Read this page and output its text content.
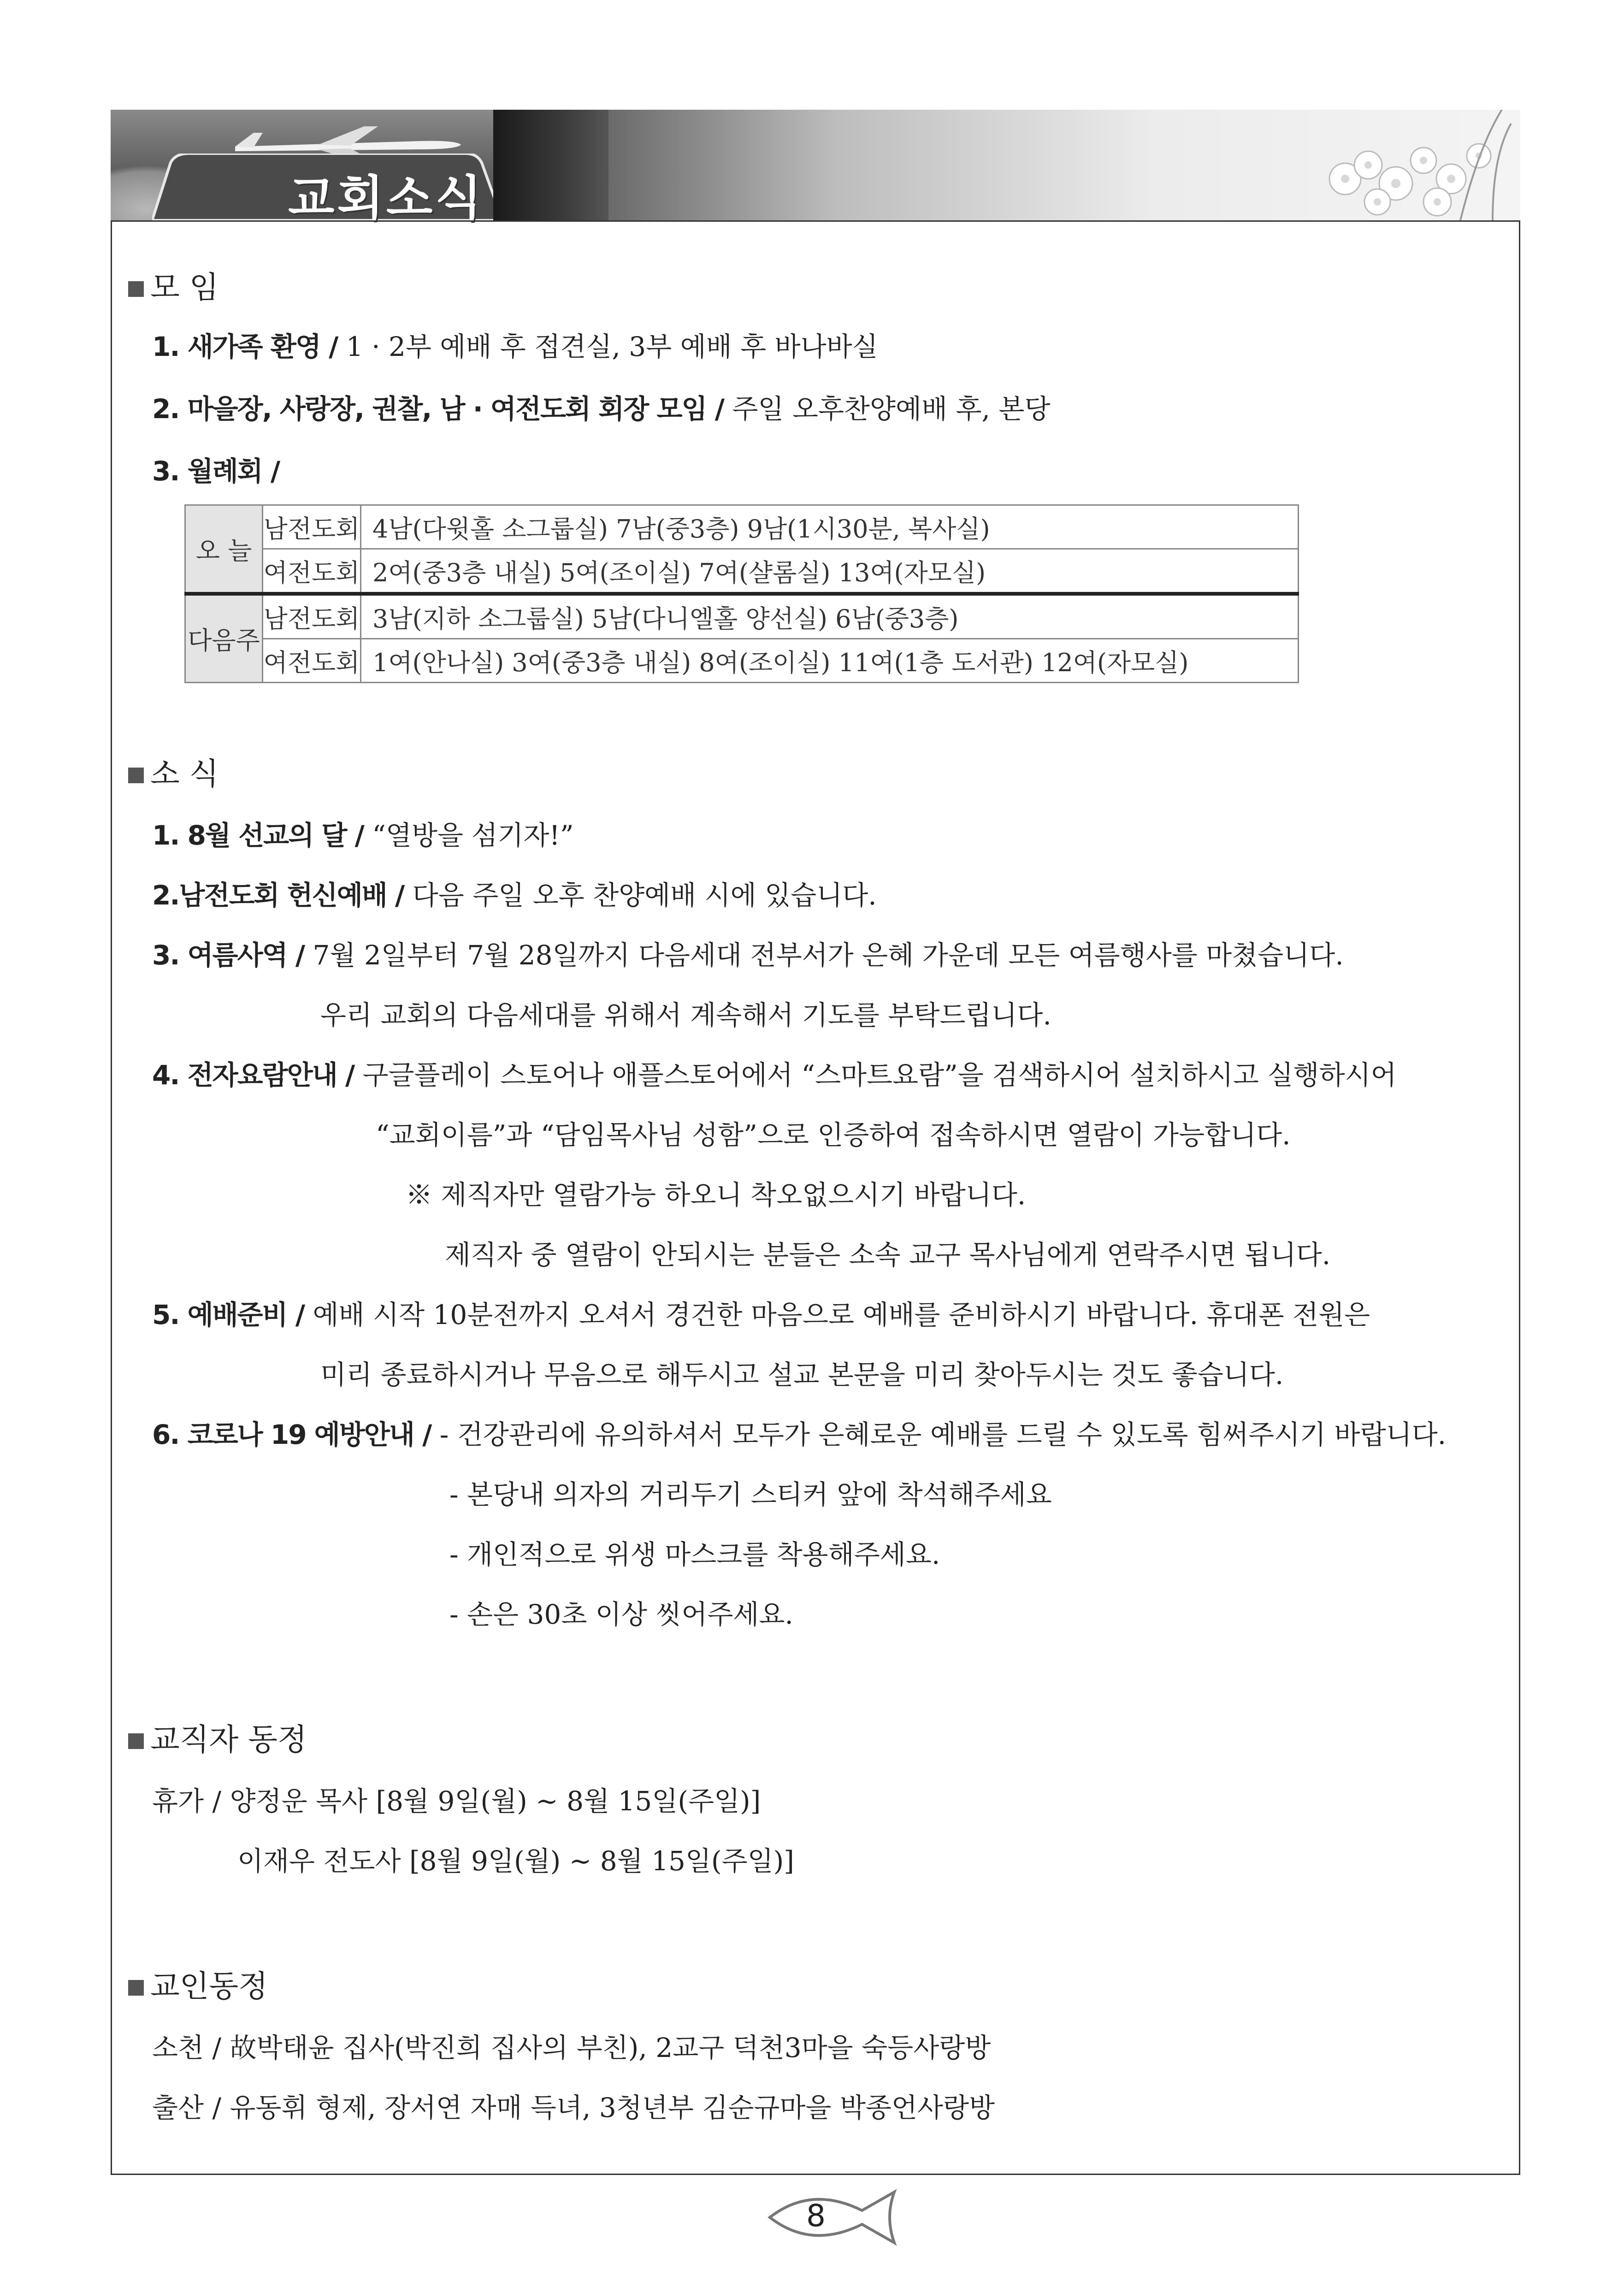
교회소식
모 임
1. 새가족 환영 / 1 · 2부 예배 후 접견실, 3부 예배 후 바나바실
2. 마을장, 사랑장, 권찰, 남 · 여전도회 회장 모임 / 주일 오후찬양예배 후, 본당
3. 월례회 /
오 늘	남전도회	4남(다윗홀 소그룹실) 7남(중3층) 9남(1시30분, 복사실)
	여전도회	2여(중3층 내실) 5여(조이실) 7여(샬롬실) 13여(자모실)
다음주	남전도회	3남(지하 소그룹실) 5남(다니엘홀 양선실) 6남(중3층)
	여전도회	1여(안나실) 3여(중3층 내실) 8여(조이실) 11여(1층 도서관) 12여(자모실)
소 식
1. 8월 선교의 달 / “열방을 섬기자!”
2.남전도회 헌신예배 / 다음 주일 오후 찬양예배 시에 있습니다.
3. 여름사역 / 7월 2일부터 7월 28일까지 다음세대 전부서가 은혜 가운데 모든 여름행사를 마쳤습니다.
우리 교회의 다음세대를 위해서 계속해서 기도를 부탁드립니다.
4. 전자요람안내 / 구글플레이 스토어나 애플스토어에서 “스마트요람”을 검색하시어 설치하시고 실행하시어
“교회이름”과 “담임목사님 성함”으로 인증하여 접속하시면 열람이 가능합니다.
※ 제직자만 열람가능 하오니 착오없으시기 바랍니다.
제직자 중 열람이 안되시는 분들은 소속 교구 목사님에게 연락주시면 됩니다.
5. 예배준비 / 예배 시작 10분전까지 오셔서 경건한 마음으로 예배를 준비하시기 바랍니다. 휴대폰 전원은
미리 종료하시거나 무음으로 해두시고 설교 본문을 미리 찾아두시는 것도 좋습니다.
6. 코로나 19 예방안내 / - 건강관리에 유의하셔서 모두가 은혜로운 예배를 드릴 수 있도록 힘써주시기 바랍니다.
- 본당내 의자의 거리두기 스티커 앞에 착석해주세요
- 개인적으로 위생 마스크를 착용해주세요.
- 손은 30초 이상 씻어주세요.
교직자 동정
휴가 / 양정운 목사 [8월 9일(월) ~ 8월 15일(주일)]
이재우 전도사 [8월 9일(월) ~ 8월 15일(주일)]
교인동정
소천 / 故박태윤 집사(박진희 집사의 부친), 2교구 덕천3마을 숙등사랑방
출산 / 유동휘 형제, 장서연 자매 득녀, 3청년부 김순규마을 박종언사랑방
8
